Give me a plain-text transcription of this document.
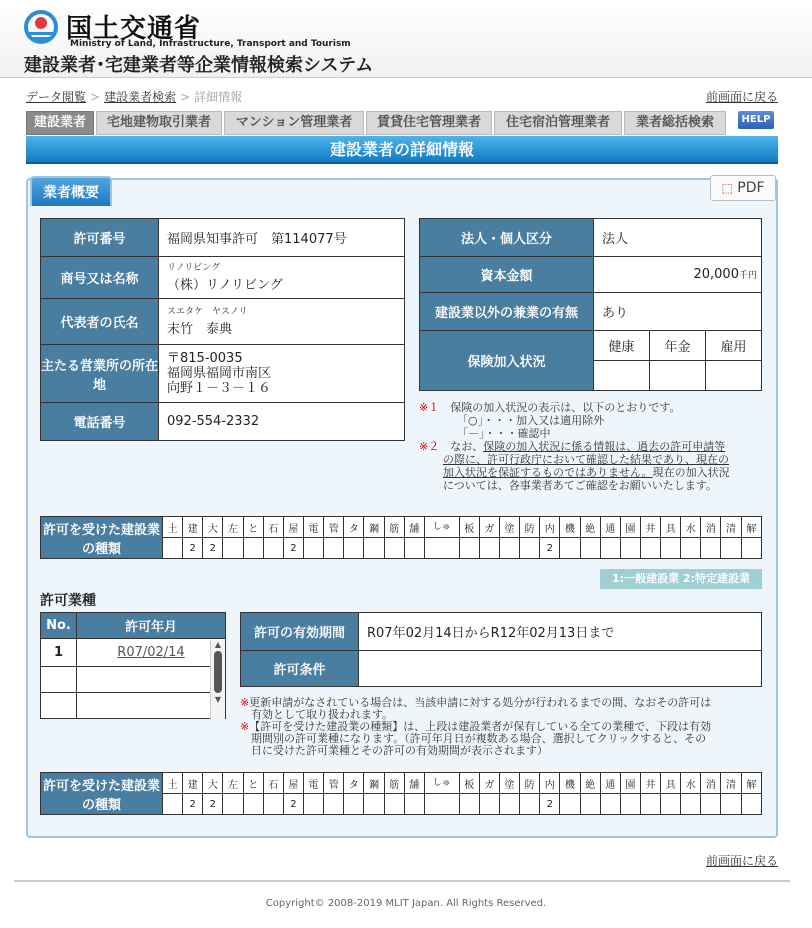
国土交通省
Ministry of Land, Infrastructure, Transport and Tourism
建設業者･宅建業者等企業情報検索システム
データ閲覧 > 建設業者検索 > 詳細情報	前画面に戻る
建設業者	宅地建物取引業者	マンション管理業者	賃貸住宅管理業者	住宅宿泊管理業者	業者総括検索	HELP
建設業者の詳細情報
業者概要	⬚ PDF
許可番号	福岡県知事許可　第114077号
商号又は名称	リノリビング
（株）リノリビング
代表者の氏名	スエタケ　ヤスノリ
末竹　泰典
主たる営業所の所在地	〒815-0035
福岡県福岡市南区
向野１－３－１６

電話番号	092-554-2332
法人・個人区分	法人		
資本金額	20,000千円		
建設業以外の兼業の有無	あり		
保険加入状況	健康	年金	雇用

※１　 保険の加入状況の表示は、以下のとおりです。
「○」・・・加入又は適用除外
「－」・・・確認中
※２　 なお、保険の加入状況に係る情報は、過去の許可申請等
の際に、許可行政庁において確認した結果であり、現在の
加入状況を保証するものではありません。現在の加入状況
については、各事業者あてご確認をお願いいたします。
許可を受けた建設業の種類	土	建	大	左	と	石	屋	電	管	タ	鋼	筋	舗	しゅ	板	ガ	塗	防	内	機	絶	通	園	井	具	水	消	清	解
		2	2				2												2										
1:一般建設業 2:特定建設業
許可業種
No.	許可年月
1	R07/02/14

▲
▼
許可の有効期間	R07年02月14日からR12年02月13日まで
許可条件	
※更新申請がなされている場合は、当該申請に対する処分が行われるまでの間、なおその許可は
有効として取り扱われます。
※【許可を受けた建設業の種類】は、上段は建設業者が保有している全ての業種で、下段は有効
期間別の許可業種になります。（許可年月日が複数ある場合、選択してクリックすると、その
日に受けた許可業種とその許可の有効期間が表示されます）
許可を受けた建設業の種類	土	建	大	左	と	石	屋	電	管	タ	鋼	筋	舗	しゅ	板	ガ	塗	防	内	機	絶	通	園	井	具	水	消	清	解
		2	2				2												2										
前画面に戻る
Copyright© 2008-2019 MLIT Japan. All Rights Reserved.
